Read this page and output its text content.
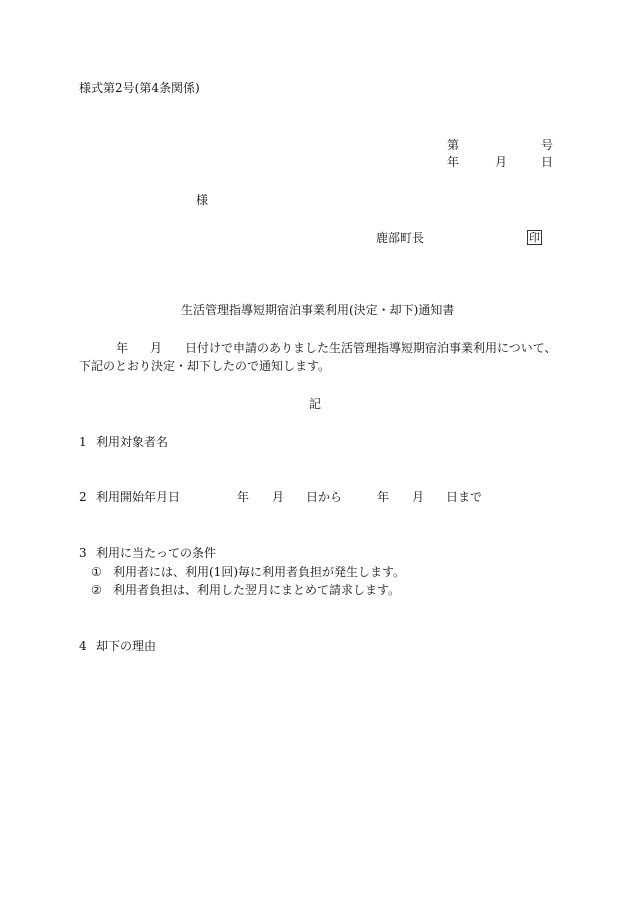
様式第2号(第4条関係)
第	号
年	月	日
様
鹿部町長	印
生活管理指導短期宿泊事業利用(決定・却下)通知書
年 月 日付けで申請のありました生活管理指導短期宿泊事業利用について、
下記のとおり決定・却下したので通知します。
記
1 利用対象者名
2 利用開始年月日	年 月 日から	年 月 日まで
3 利用に当たっての条件
① 利用者には、利用(1回)毎に利用者負担が発生します。
② 利用者負担は、利用した翌月にまとめて請求します。
4 却下の理由
